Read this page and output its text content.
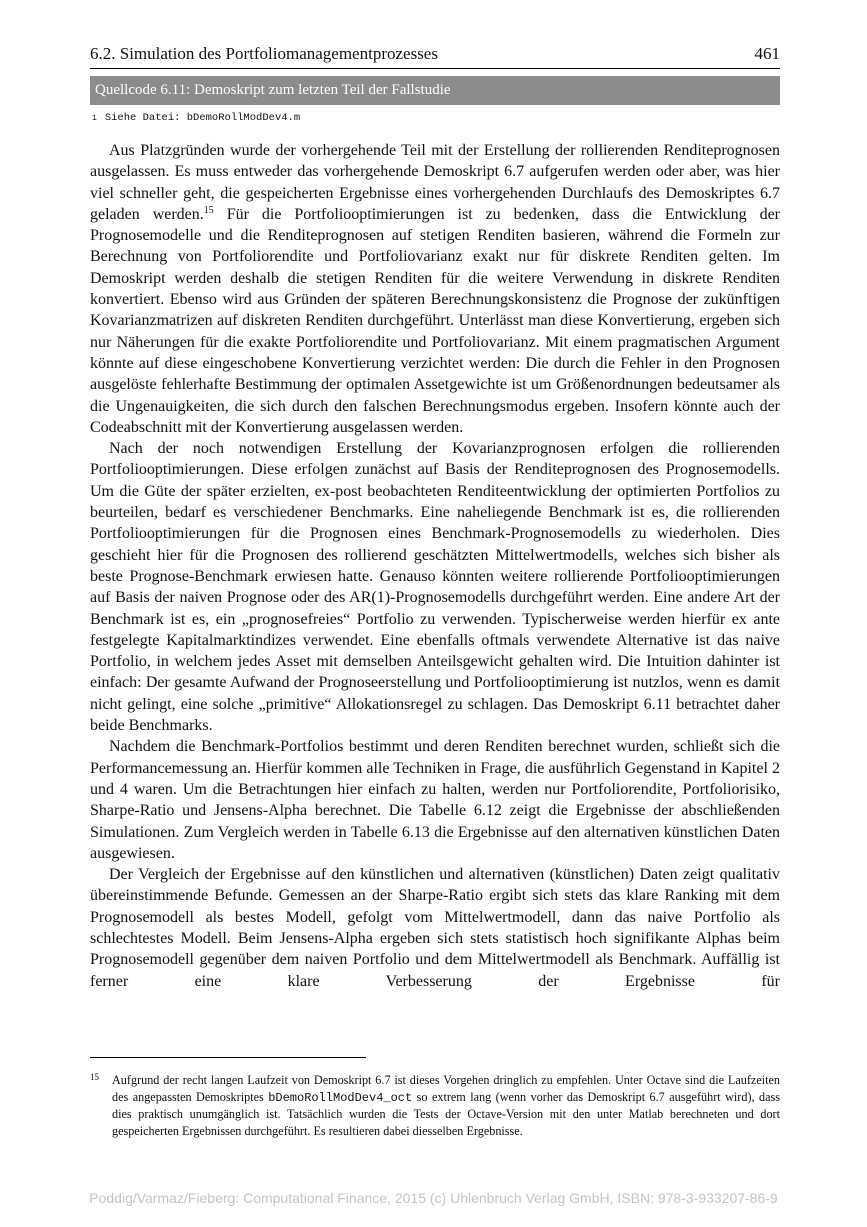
6.2. Simulation des Portfoliomanagementprozesses	461
Quellcode 6.11: Demoskript zum letzten Teil der Fallstudie
1 Siehe Datei: bDemoRollModDev4.m

Aus Platzgründen wurde der vorhergehende Teil mit der Erstellung der rollierenden Renditeprognosen ausgelassen. Es muss entweder das vorhergehende Demoskript 6.7 aufgerufen werden oder aber, was hier viel schneller geht, die gespeicherten Ergebnisse eines vorhergehenden Durchlaufs des Demoskriptes 6.7 geladen werden.$^{15}$ Für die Portfoliooptimierungen ist zu bedenken, dass die Entwicklung der Prognosemodelle und die Renditeprognosen auf stetigen Renditen basieren, während die Formeln zur Berechnung von Portfoliorendite und Portfoliovarianz exakt nur für diskrete Renditen gelten. Im Demoskript werden deshalb die stetigen Renditen für die weitere Verwendung in diskrete Renditen konvertiert. Ebenso wird aus Gründen der späteren Berechnungskonsistenz die Prognose der zukünftigen Kovarianzmatrizen auf diskreten Renditen durchgeführt. Unterlässt man diese Konvertierung, ergeben sich nur Näherungen für die exakte Portfoliorendite und Portfoliovarianz. Mit einem pragmatischen Argument könnte auf diese eingeschobene Konvertierung verzichtet werden: Die durch die Fehler in den Prognosen ausgelöste fehlerhafte Bestimmung der optimalen Assetgewichte ist um Größenordnungen bedeutsamer als die Ungenauigkeiten, die sich durch den falschen Berechnungsmodus ergeben. Insofern könnte auch der Codeabschnitt mit der Konvertierung ausgelassen werden.

Nach der noch notwendigen Erstellung der Kovarianzprognosen erfolgen die rollierenden Portfoliooptimierungen. Diese erfolgen zunächst auf Basis der Renditeprognosen des Prognosemodells. Um die Güte der später erzielten, ex-post beobachteten Renditeentwicklung der optimierten Portfolios zu beurteilen, bedarf es verschiedener Benchmarks. Eine naheliegende Benchmark ist es, die rollierenden Portfoliooptimierungen für die Prognosen eines Benchmark-Prognosemodells zu wiederholen. Dies geschieht hier für die Prognosen des rollierend geschätzten Mittelwertmodells, welches sich bisher als beste Prognose-Benchmark erwiesen hatte. Genauso könnten weitere rollierende Portfoliooptimierungen auf Basis der naiven Prognose oder des AR(1)-Prognosemodells durchgeführt werden. Eine andere Art der Benchmark ist es, ein „prognosefreies“ Portfolio zu verwenden. Typischerweise werden hierfür ex ante festgelegte Kapitalmarktindizes verwendet. Eine ebenfalls oftmals verwendete Alternative ist das naive Portfolio, in welchem jedes Asset mit demselben Anteilsgewicht gehalten wird. Die Intuition dahinter ist einfach: Der gesamte Aufwand der Prognoseerstellung und Portfoliooptimierung ist nutzlos, wenn es damit nicht gelingt, eine solche „primitive“ Allokationsregel zu schlagen. Das Demoskript 6.11 betrachtet daher beide Benchmarks.

Nachdem die Benchmark-Portfolios bestimmt und deren Renditen berechnet wurden, schließt sich die Performancemessung an. Hierfür kommen alle Techniken in Frage, die ausführlich Gegenstand in Kapitel 2 und 4 waren. Um die Betrachtungen hier einfach zu halten, werden nur Portfoliorendite, Portfoliorisiko, Sharpe-Ratio und Jensens-Alpha berechnet. Die Tabelle 6.12 zeigt die Ergebnisse der abschließenden Simulationen. Zum Vergleich werden in Tabelle 6.13 die Ergebnisse auf den alternativen künstlichen Daten ausgewiesen.

Der Vergleich der Ergebnisse auf den künstlichen und alternativen (künstlichen) Daten zeigt qualitativ übereinstimmende Befunde. Gemessen an der Sharpe-Ratio ergibt sich stets das klare Ranking mit dem Prognosemodell als bestes Modell, gefolgt vom Mittelwertmodell, dann das naive Portfolio als schlechtestes Modell. Beim Jensens-Alpha ergeben sich stets statistisch hoch signifikante Alphas beim Prognosemodell gegenüber dem naiven Portfolio und dem Mittelwertmodell als Benchmark. Auffällig ist ferner eine klare Verbesserung der Ergebnisse für

15	Aufgrund der recht langen Laufzeit von Demoskript 6.7 ist dieses Vorgehen dringlich zu empfehlen. Unter Octave sind die Laufzeiten des angepassten Demoskriptes bDemoRollModDev4_oct so extrem lang (wenn vorher das Demoskript 6.7 ausgeführt wird), dass dies praktisch unumgänglich ist. Tatsächlich wurden die Tests der Octave-Version mit den unter Matlab berechneten und dort gespeicherten Ergebnissen durchgeführt. Es resultieren dabei diesselben Ergebnisse.
Poddig/Varmaz/Fieberg: Computational Finance, 2015 (c) Uhlenbruch Verlag GmbH, ISBN: 978-3-933207-86-9
